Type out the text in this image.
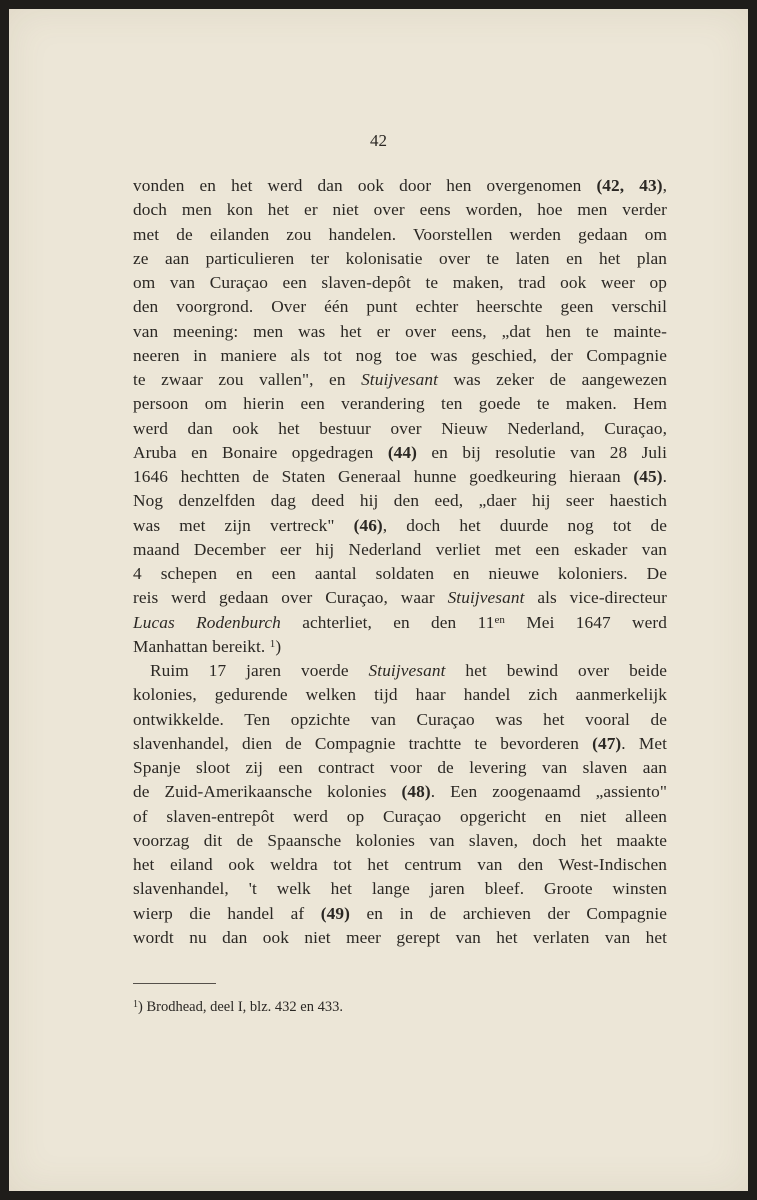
42
vonden en het werd dan ook door hen overgenomen (42, 43),
doch men kon het er niet over eens worden, hoe men verder
met de eilanden zou handelen. Voorstellen werden gedaan om
ze aan particulieren ter kolonisatie over te laten en het plan
om van Curaçao een slaven-depôt te maken, trad ook weer op
den voorgrond. Over één punt echter heerschte geen verschil
van meening: men was het er over eens, „dat hen te mainte-
neeren in maniere als tot nog toe was geschied, der Compagnie
te zwaar zou vallen", en Stuijvesant was zeker de aangewezen
persoon om hierin een verandering ten goede te maken. Hem
werd dan ook het bestuur over Nieuw Nederland, Curaçao,
Aruba en Bonaire opgedragen (44) en bij resolutie van 28 Juli
1646 hechtten de Staten Generaal hunne goedkeuring hieraan (45).
Nog denzelfden dag deed hij den eed, „daer hij seer haestich
was met zijn vertreck" (46), doch het duurde nog tot de
maand December eer hij Nederland verliet met een eskader van
4 schepen en een aantal soldaten en nieuwe koloniers. De
reis werd gedaan over Curaçao, waar Stuijvesant als vice-directeur
Lucas Rodenburch achterliet, en den $11^{en}$ Mei 1647 werd
Manhattan bereikt. $^1$)
Ruim 17 jaren voerde Stuijvesant het bewind over beide
kolonies, gedurende welken tijd haar handel zich aanmerkelijk
ontwikkelde. Ten opzichte van Curaçao was het vooral de
slavenhandel, dien de Compagnie trachtte te bevorderen (47). Met
Spanje sloot zij een contract voor de levering van slaven aan
de Zuid-Amerikaansche kolonies (48). Een zoogenaamd „assiento"
of slaven-entrepôt werd op Curaçao opgericht en niet alleen
voorzag dit de Spaansche kolonies van slaven, doch het maakte
het eiland ook weldra tot het centrum van den West-Indischen
slavenhandel, 't welk het lange jaren bleef. Groote winsten
wierp die handel af (49) en in de archieven der Compagnie
wordt nu dan ook niet meer gerept van het verlaten van het
$^1$) Brodhead, deel I, blz. 432 en 433.
